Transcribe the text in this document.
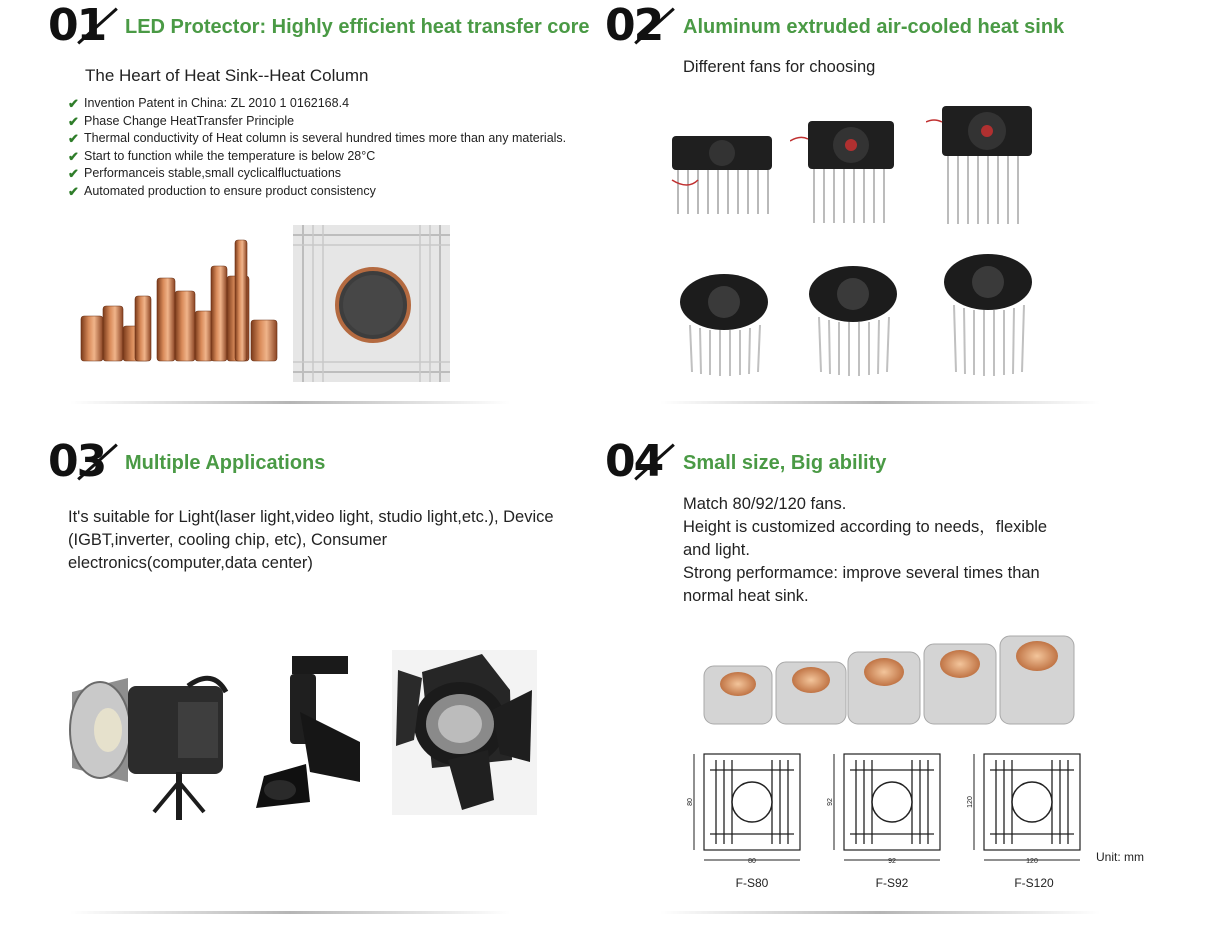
01 LED Protector: Highly efficient heat transfer core
The Heart of Heat Sink--Heat Column
✔ Invention Patent in China: ZL 2010 1 0162168.4
✔ Phase Change HeatTransfer Principle
✔ Thermal conductivity of Heat column is several hundred times more than any materials.
✔ Start to function while the temperature is below 28°C
✔ Performanceis stable,small cyclicalfluctuations
✔ Automated production to ensure product consistency
02 Aluminum extruded air-cooled heat sink
Different fans for choosing
03 Multiple Applications
It's suitable for Light(laser light,video light, studio light,etc.), Device (IGBT,inverter, cooling chip, etc), Consumer electronics(computer,data center)
04 Small size, Big ability
Match 80/92/120 fans.
Height is customized according to needs，flexible and light.
Strong performamce: improve several times than normal heat sink.
80
80
92
92
120
120
F-S80	F-S92	F-S120
Unit: mm
